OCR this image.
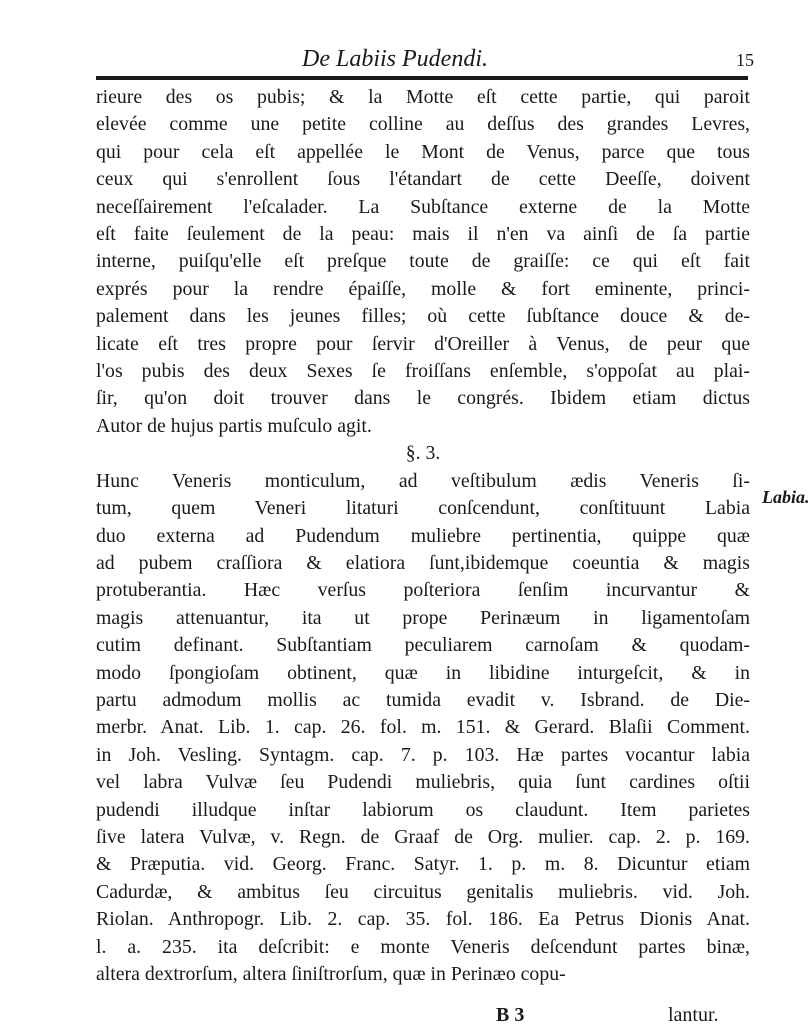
De Labiis Pudendi.	15
rieure des os pubis; & la Motte eſt cette partie, qui paroit
elevée comme une petite colline au deſſus des grandes Levres,
qui pour cela eſt appellée le Mont de Venus, parce que tous
ceux qui s'enrollent ſous l'étandart de cette Deeſſe, doivent
neceſſairement l'eſcalader. La Subſtance externe de la Motte
eſt faite ſeulement de la peau: mais il n'en va ainſi de ſa partie
interne, puiſqu'elle eſt preſque toute de graiſſe: ce qui eſt fait
exprés pour la rendre épaiſſe, molle & fort eminente, princi-
palement dans les jeunes filles; où cette ſubſtance douce & de-
licate eſt tres propre pour ſervir d'Oreiller à Venus, de peur que
l'os pubis des deux Sexes ſe froiſſans enſemble, s'oppoſat au plai-
ſir, qu'on doit trouver dans le congrés. Ibidem etiam dictus
Autor de hujus partis muſculo agit.
§. 3.
Hunc Veneris monticulum, ad veſtibulum ædis Veneris ſi-
tum, quem Veneri litaturi conſcendunt, conſtituunt Labia
duo externa ad Pudendum muliebre pertinentia, quippe quæ
ad pubem craſſiora & elatiora ſunt,ibidemque coeuntia & magis
protuberantia. Hæc verſus poſteriora ſenſim incurvantur &
magis attenuantur, ita ut prope Perinæum in ligamentoſam
cutim definant. Subſtantiam peculiarem carnoſam & quodam-
modo ſpongioſam obtinent, quæ in libidine inturgeſcit, & in
partu admodum mollis ac tumida evadit v. Isbrand. de Die-
merbr. Anat. Lib. 1. cap. 26. fol. m. 151. & Gerard. Blaſii Comment.
in Joh. Vesling. Syntagm. cap. 7. p. 103. Hæ partes vocantur labia
vel labra Vulvæ ſeu Pudendi muliebris, quia ſunt cardines oſtii
pudendi illudque inſtar labiorum os claudunt. Item parietes
ſive latera Vulvæ, v. Regn. de Graaf de Org. mulier. cap. 2. p. 169.
& Præputia. vid. Georg. Franc. Satyr. 1. p. m. 8. Dicuntur etiam
Cadurdæ, & ambitus ſeu circuitus genitalis muliebris. vid. Joh.
Riolan. Anthropogr. Lib. 2. cap. 35. fol. 186. Ea Petrus Dionis Anat.
l. a. 235. ita deſcribit: e monte Veneris deſcendunt partes binæ,
altera dextrorſum, altera ſiniſtrorſum, quæ in Perinæo copu-
Labia.
B 3	lantur.
